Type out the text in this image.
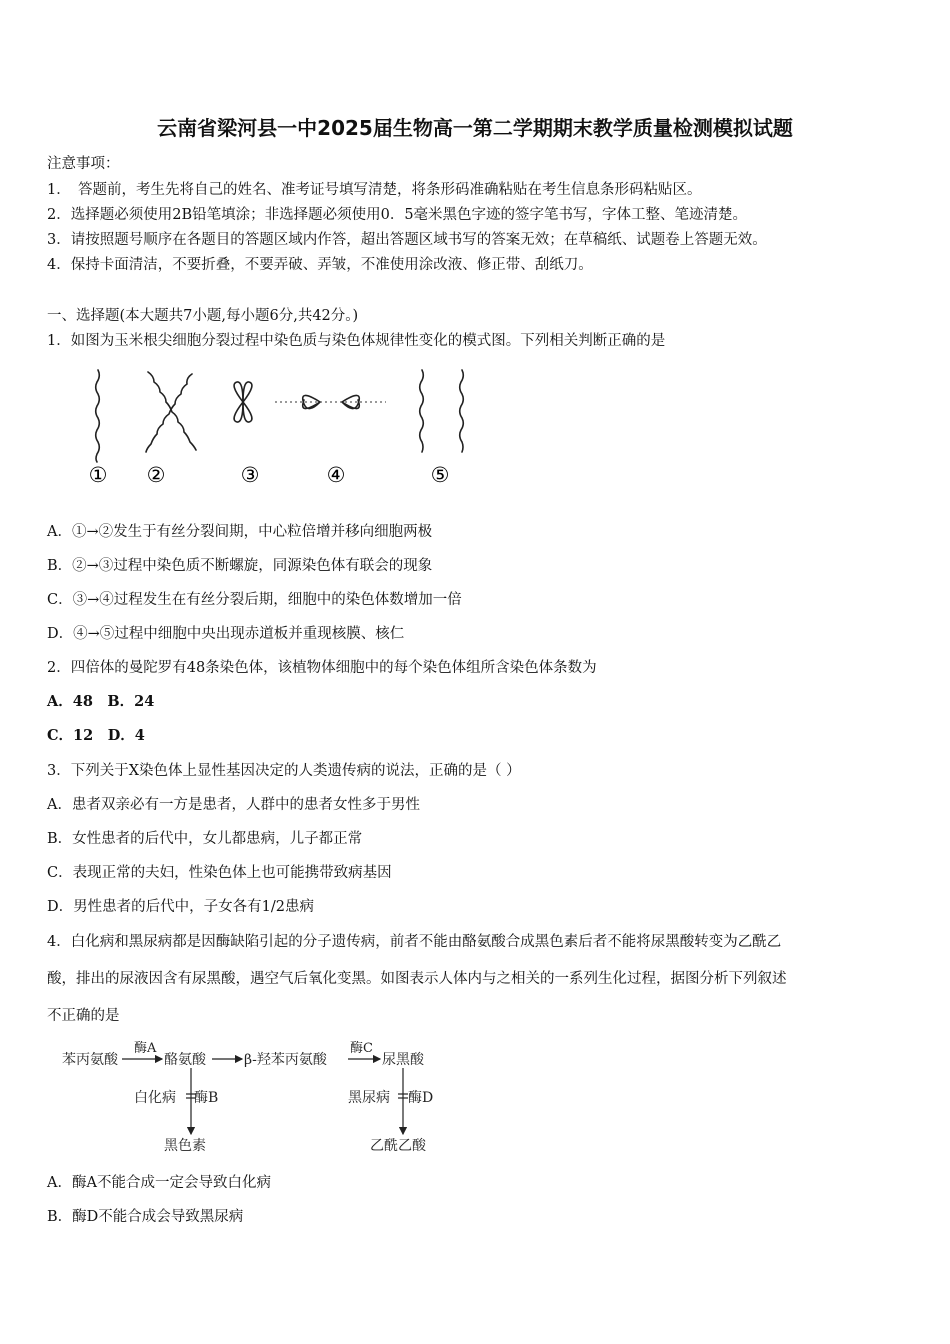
云南省梁河县一中2025届生物高一第二学期期末教学质量检测模拟试题
注意事项：
1．　答题前，考生先将自己的姓名、准考证号填写清楚，将条形码准确粘贴在考生信息条形码粘贴区。
2．选择题必须使用2B铅笔填涂；非选择题必须使用0．5毫米黑色字迹的签字笔书写，字体工整、笔迹清楚。
3．请按照题号顺序在各题目的答题区域内作答，超出答题区域书写的答案无效；在草稿纸、试题卷上答题无效。
4．保持卡面清洁，不要折叠，不要弄破、弄皱，不准使用涂改液、修正带、刮纸刀。
一、选择题(本大题共7小题,每小题6分,共42分。)
1．如图为玉米根尖细胞分裂过程中染色质与染色体规律性变化的模式图。下列相关判断正确的是
① ②	③	④	⑤
A．①→②发生于有丝分裂间期，中心粒倍增并移向细胞两极
B．②→③过程中染色质不断螺旋，同源染色体有联会的现象
C．③→④过程发生在有丝分裂后期，细胞中的染色体数增加一倍
D．④→⑤过程中细胞中央出现赤道板并重现核膜、核仁
2．四倍体的曼陀罗有48条染色体，该植物体细胞中的每个染色体组所含染色体条数为
A．48　B．24
C．12　D．4
3．下列关于X染色体上显性基因决定的人类遗传病的说法，正确的是（ ）
A．患者双亲必有一方是患者，人群中的患者女性多于男性
B．女性患者的后代中，女儿都患病，儿子都正常
C．表现正常的夫妇，性染色体上也可能携带致病基因
D．男性患者的后代中，子女各有1/2患病
4．白化病和黑尿病都是因酶缺陷引起的分子遗传病，前者不能由酪氨酸合成黑色素后者不能将尿黑酸转变为乙酰乙
酸，排出的尿液因含有尿黑酸，遇空气后氧化变黑。如图表示人体内与之相关的一系列生化过程，据图分析下列叙述
不正确的是
苯丙氨酸
酶A
酪氨酸	β-羟苯丙氨酸
酶C
尿黑酸
白化病 酶B	黑尿病 酶D
黑色素	乙酰乙酸
A．酶A不能合成一定会导致白化病
B．酶D不能合成会导致黑尿病
